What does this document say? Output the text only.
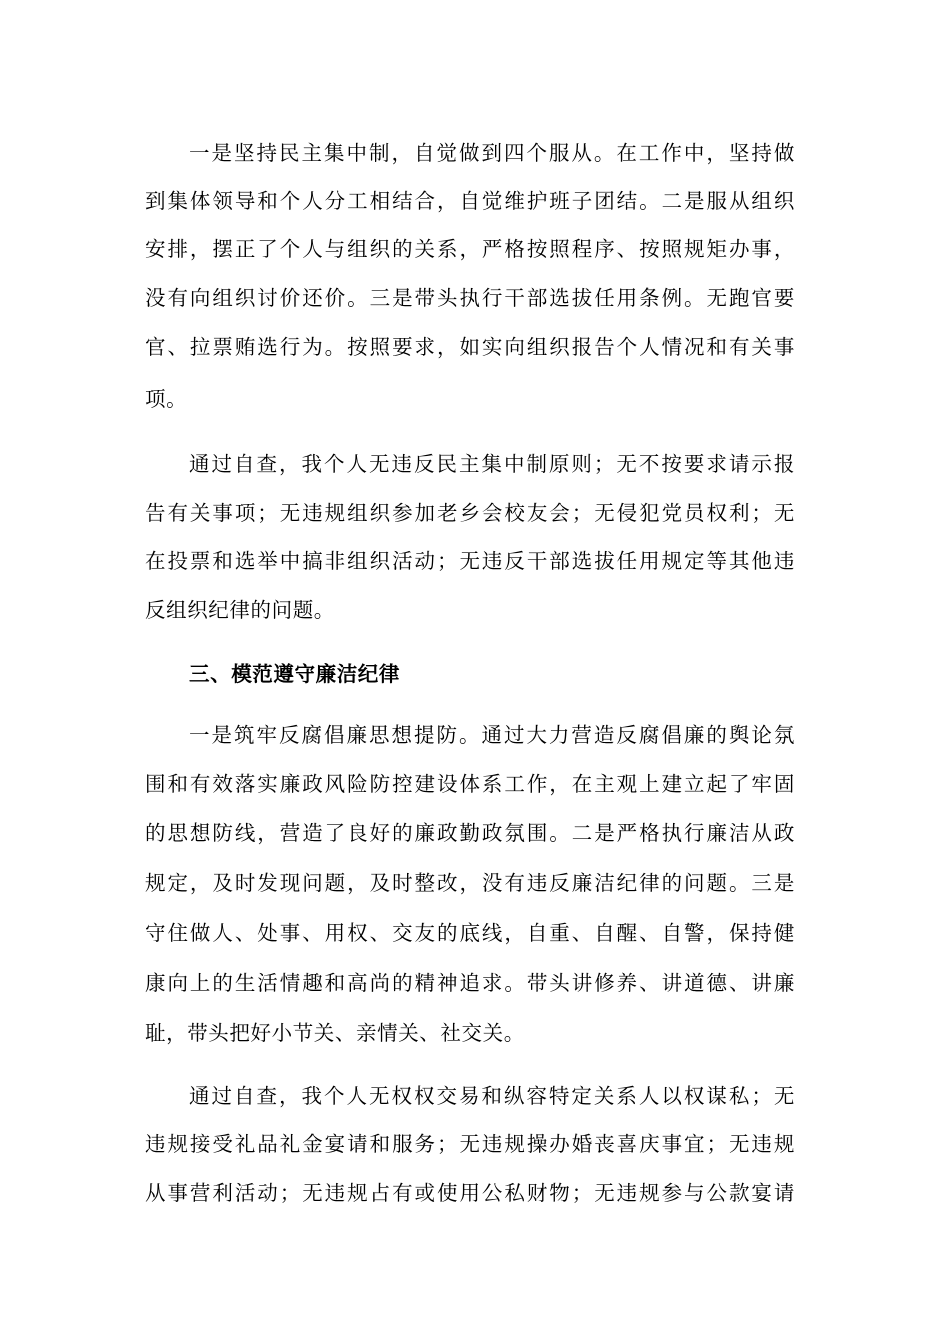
一是坚持民主集中制，自觉做到四个服从。在工作中，坚持做
到集体领导和个人分工相结合，自觉维护班子团结。二是服从组织
安排，摆正了个人与组织的关系，严格按照程序、按照规矩办事，
没有向组织讨价还价。三是带头执行干部选拔任用条例。无跑官要
官、拉票贿选行为。按照要求，如实向组织报告个人情况和有关事
项。
通过自查，我个人无违反民主集中制原则；无不按要求请示报
告有关事项；无违规组织参加老乡会校友会；无侵犯党员权利；无
在投票和选举中搞非组织活动；无违反干部选拔任用规定等其他违
反组织纪律的问题。
三、模范遵守廉洁纪律
一是筑牢反腐倡廉思想提防。通过大力营造反腐倡廉的舆论氛
围和有效落实廉政风险防控建设体系工作，在主观上建立起了牢固
的思想防线，营造了良好的廉政勤政氛围。二是严格执行廉洁从政
规定，及时发现问题，及时整改，没有违反廉洁纪律的问题。三是
守住做人、处事、用权、交友的底线，自重、自醒、自警，保持健
康向上的生活情趣和高尚的精神追求。带头讲修养、讲道德、讲廉
耻，带头把好小节关、亲情关、社交关。
通过自查，我个人无权权交易和纵容特定关系人以权谋私；无
违规接受礼品礼金宴请和服务；无违规操办婚丧喜庆事宜；无违规
从事营利活动；无违规占有或使用公私财物；无违规参与公款宴请
